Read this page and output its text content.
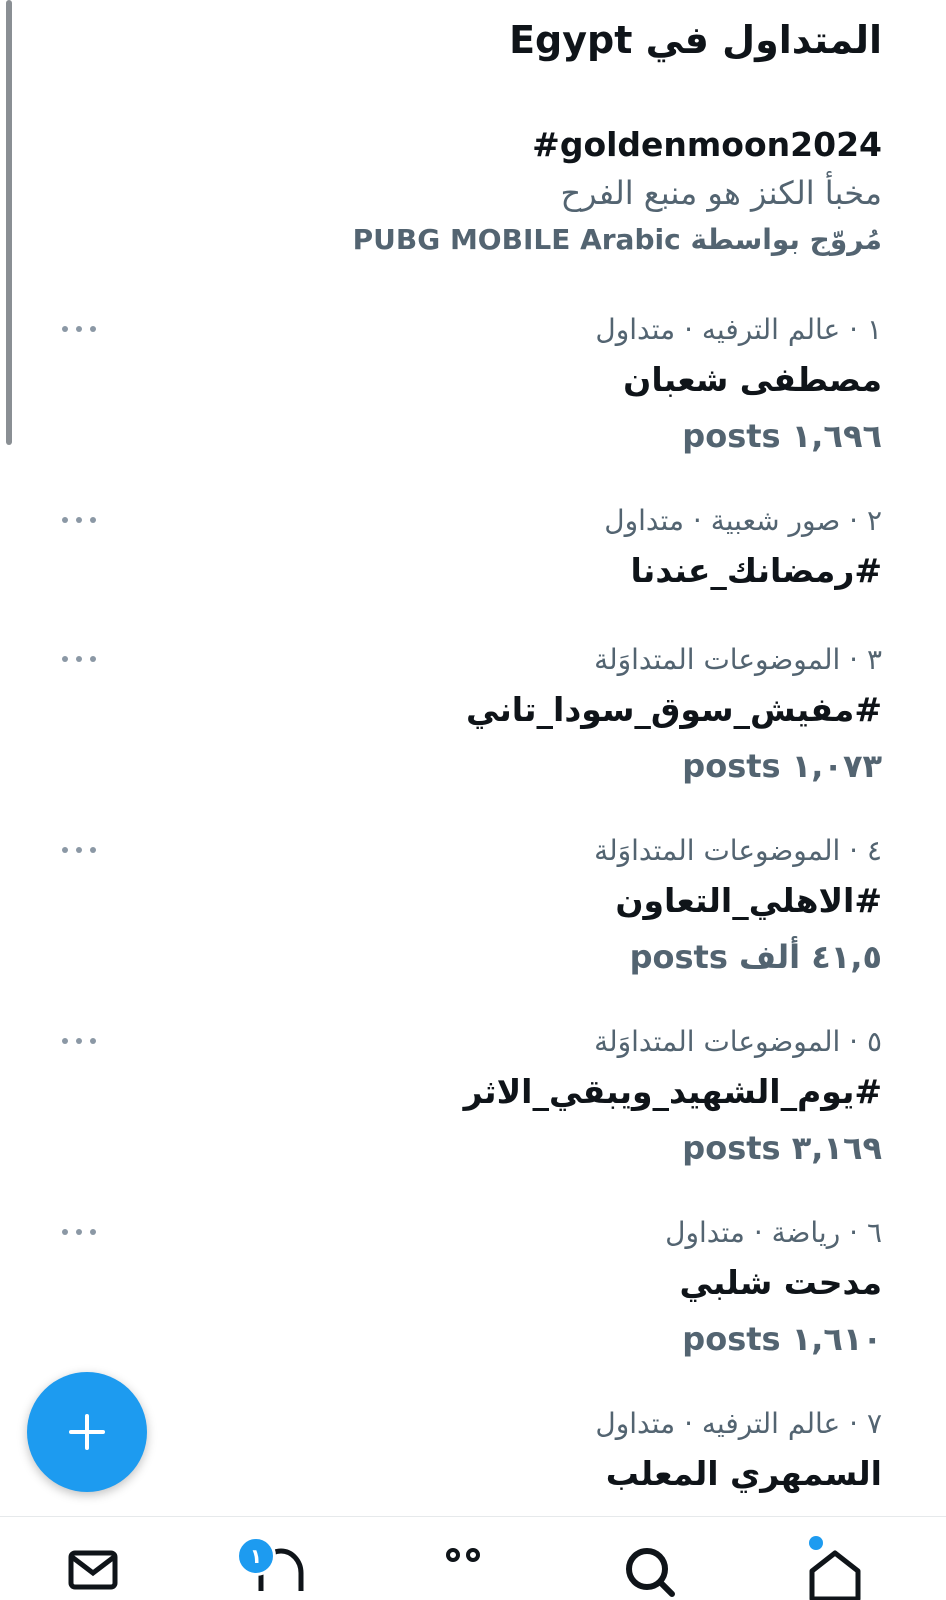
المتداول في Egypt
#goldenmoon2024
مخبأ الكنز هو منبع الفرح
مُروّج بواسطة PUBG MOBILE Arabic
١ · عالم الترفيه · متداول
مصطفى شعبان
١,٦٩٦ posts
٢ · صور شعبية · متداول
#رمضانك_عندنا
٣ · الموضوعات المتداوَلة
#مفيش_سوق_سودا_تاني
١,٠٧٣ posts
٤ · الموضوعات المتداوَلة
#الاهلي_التعاون
٤١,٥ ألف posts
٥ · الموضوعات المتداوَلة
#يوم_الشهيد_ويبقي_الاثر
٣,١٦٩ posts
٦ · رياضة · متداول
مدحت شلبي
١,٦١٠ posts
٧ · عالم الترفيه · متداول
السمهري المعلب
١
